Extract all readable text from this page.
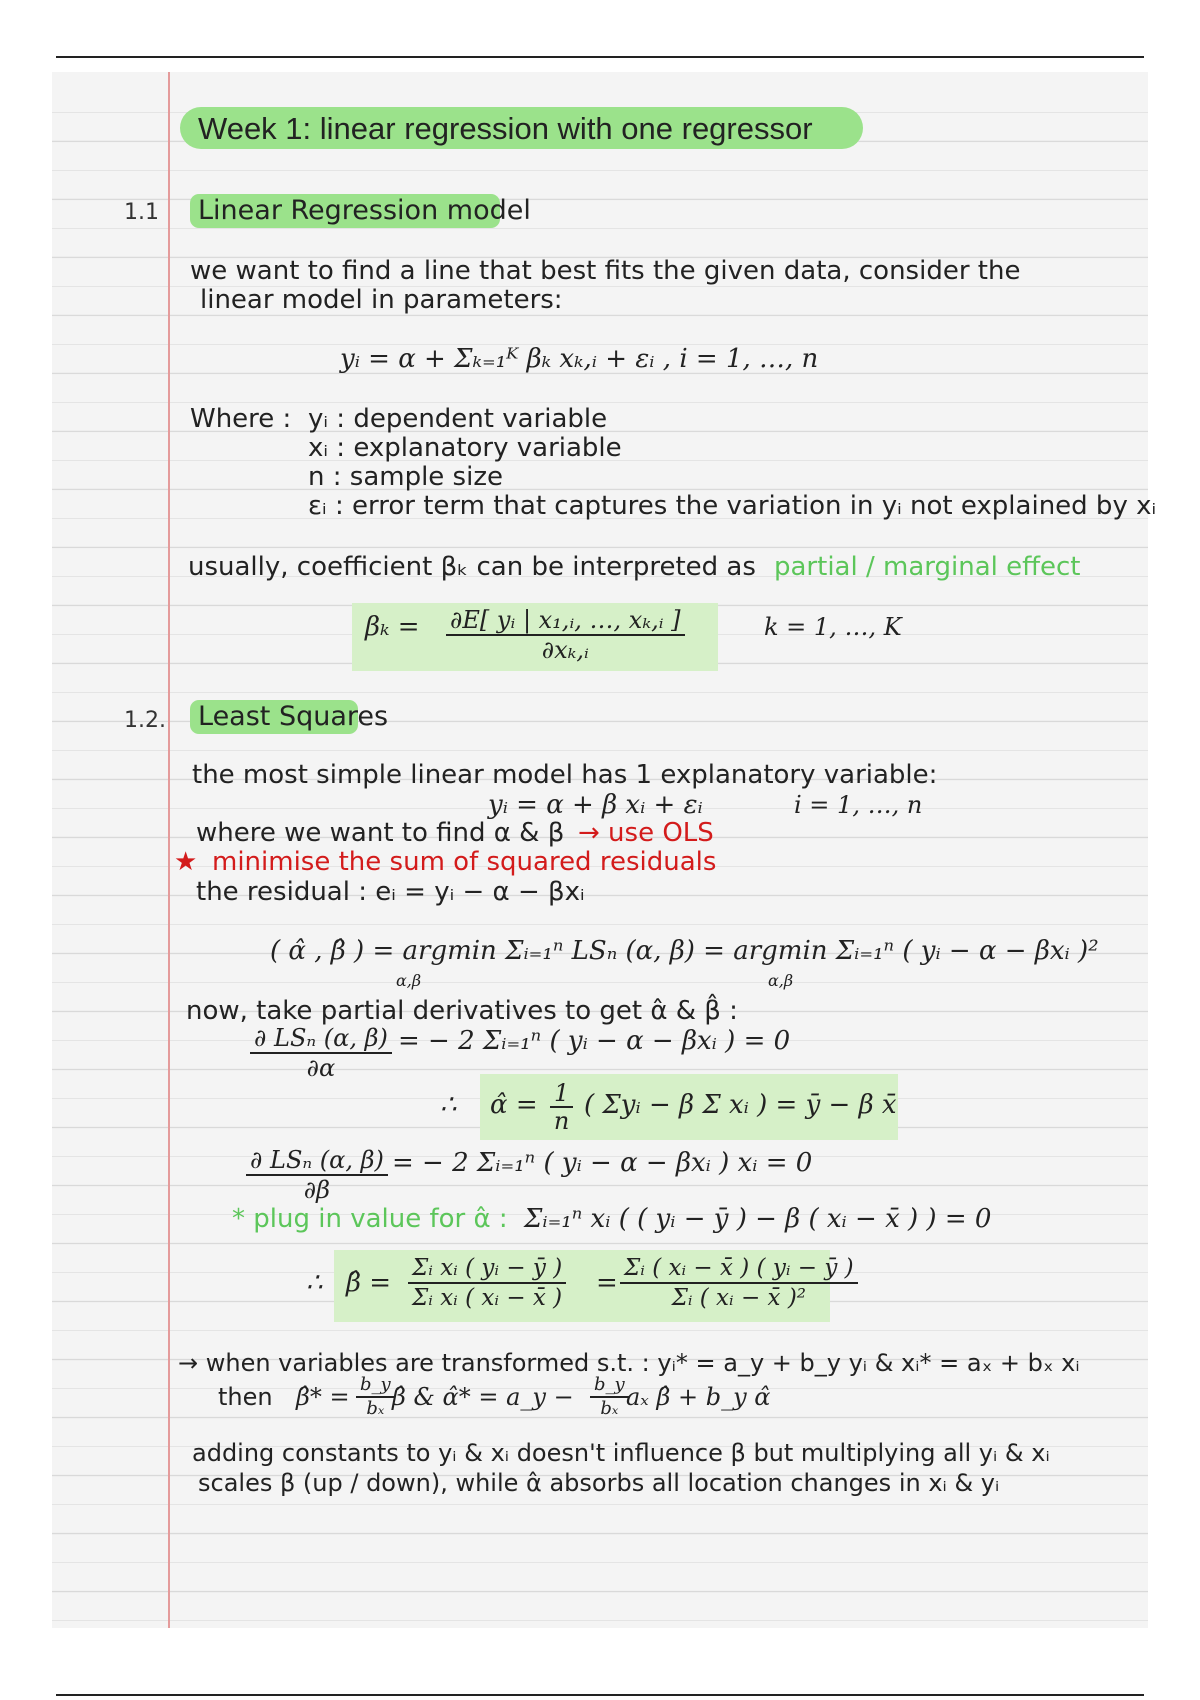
Week 1: linear regression with one regressor
1.1 Linear Regression model
we want to find a line that best fits the given data, consider the
linear model in parameters:
yᵢ = α + Σₖ₌₁ᴷ βₖ xₖ,ᵢ + εᵢ , i = 1, …, n
Where : yᵢ : dependent variable
xᵢ : explanatory variable
n : sample size
εᵢ : error term that captures the variation in yᵢ not explained by xᵢ
usually, coefficient βₖ can be interpreted as partial / marginal effect
$\beta_k = \frac{\text{∂E[ yᵢ | x₁,ᵢ, …, xₖ,ᵢ ]}}{\text{∂xₖ,ᵢ}}$	k = 1, …, K
1.2. Least Squares
the most simple linear model has 1 explanatory variable:
yᵢ = α + β xᵢ + εᵢ	i = 1, …, n
where we want to find α & β → use OLS
★ minimise the sum of squared residuals
the residual : eᵢ = yᵢ − α − βxᵢ
( α̂ , β̂ ) = argmin Σᵢ₌₁ⁿ LSₙ (α, β) = argmin Σᵢ₌₁ⁿ ( yᵢ − α − βxᵢ )²
α,β	α,β
now, take partial derivatives to get α̂ & β̂ :
∂ LSₙ (α, β)
∂α
= − 2 Σᵢ₌₁ⁿ ( yᵢ − α − βxᵢ ) = 0
∴ α̂ = $\frac{1}{n}$ ( Σyᵢ − β Σ xᵢ ) = ȳ − β x̄
∂ LSₙ (α, β)
∂β
= − 2 Σᵢ₌₁ⁿ ( yᵢ − α − βxᵢ ) xᵢ = 0
* plug in value for α̂ : Σᵢ₌₁ⁿ xᵢ ( ( yᵢ − ȳ ) − β ( xᵢ − x̄ ) ) = 0
∴ β̂ = $\frac{\text{Σᵢ xᵢ ( yᵢ − ȳ )}}{\text{Σᵢ xᵢ ( xᵢ − x̄ )}} = \frac{\text{Σᵢ ( xᵢ − x̄ ) ( yᵢ − ȳ )}}{\text{Σᵢ ( xᵢ − x̄ )²}}$
→ when variables are transformed s.t. : yᵢ* = a_y + b_y yᵢ & xᵢ* = aₓ + bₓ xᵢ
then β̂* = $\frac{b\_y}{\text{bₓ}}$
β̂ & α̂* = a_y − $\frac{b\_y}{\text{bₓ}}$
aₓ β̂ + b_y α̂
adding constants to yᵢ & xᵢ doesn't influence β but multiplying all yᵢ & xᵢ
scales β (up / down), while α̂ absorbs all location changes in xᵢ & yᵢ
